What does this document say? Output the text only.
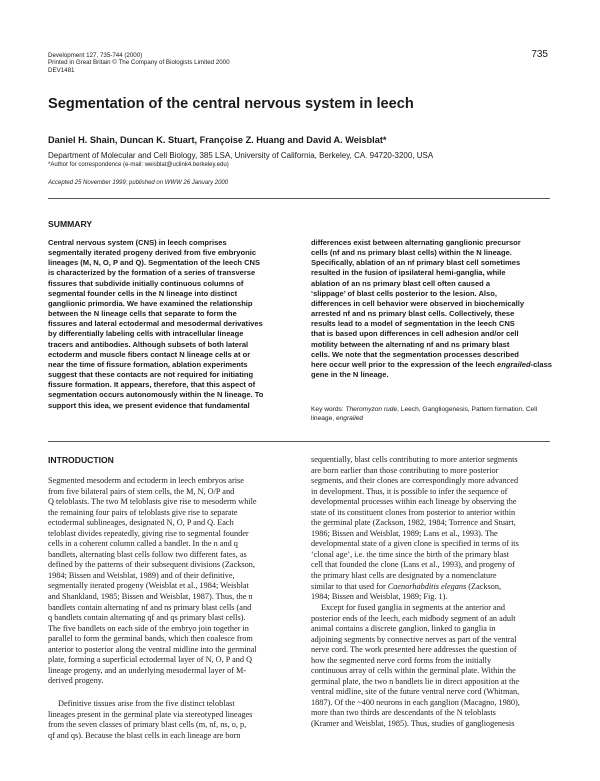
Development 127, 735-744 (2000)
Printed in Great Britain © The Company of Biologists Limited 2000
DEV1481
735
Segmentation of the central nervous system in leech
Daniel H. Shain, Duncan K. Stuart, Françoise Z. Huang and David A. Weisblat*
Department of Molecular and Cell Biology, 385 LSA, University of California, Berkeley, CA. 94720-3200, USA
*Author for correspondence (e-mail: weisblat@uclink4.berkeley.edu)
Accepted 25 November 1999; published on WWW 26 January 2000
SUMMARY

Central nervous system (CNS) in leech comprises
segmentally iterated progeny derived from five embryonic
lineages (M, N, O, P and Q). Segmentation of the leech CNS
is characterized by the formation of a series of transverse
fissures that subdivide initially continuous columns of
segmental founder cells in the N lineage into distinct
ganglionic primordia. We have examined the relationship
between the N lineage cells that separate to form the
fissures and lateral ectodermal and mesodermal derivatives
by differentially labeling cells with intracellular lineage
tracers and antibodies. Although subsets of both lateral
ectoderm and muscle fibers contact N lineage cells at or
near the time of fissure formation, ablation experiments
suggest that these contacts are not required for initiating
fissure formation. It appears, therefore, that this aspect of
segmentation occurs autonomously within the N lineage. To
support this idea, we present evidence that fundamental

differences exist between alternating ganglionic precursor
cells (nf and ns primary blast cells) within the N lineage.
Specifically, ablation of an nf primary blast cell sometimes
resulted in the fusion of ipsilateral hemi-ganglia, while
ablation of an ns primary blast cell often caused a
‘slippage’ of blast cells posterior to the lesion. Also,
differences in cell behavior were observed in biochemically
arrested nf and ns primary blast cells. Collectively, these
results lead to a model of segmentation in the leech CNS
that is based upon differences in cell adhesion and/or cell
motility between the alternating nf and ns primary blast
cells. We note that the segmentation processes described
here occur well prior to the expression of the leech engrailed-class gene in the N lineage.

Key words: Theromyzon rude, Leech, Gangliogenesis, Pattern formation, Cell lineage, engrailed

INTRODUCTION

Segmented mesoderm and ectoderm in leech embryos arise
from five bilateral pairs of stem cells, the M, N, O/P and
Q teloblasts. The two M teloblasts give rise to mesoderm while
the remaining four pairs of teloblasts give rise to separate
ectodermal sublineages, designated N, O, P and Q. Each
teloblast divides repeatedly, giving rise to segmental founder
cells in a coherent column called a bandlet. In the n and q
bandlets, alternating blast cells follow two different fates, as
defined by the patterns of their subsequent divisions (Zackson,
1984; Bissen and Weisblat, 1989) and of their definitive,
segmentally iterated progeny (Weisblat et al., 1984; Weisblat
and Shankland, 1985; Bissen and Weisblat, 1987). Thus, the n
bandlets contain alternating nf and ns primary blast cells (and
q bandlets contain alternating qf and qs primary blast cells).
The five bandlets on each side of the embryo join together in
parallel to form the germinal bands, which then coalesce from
anterior to posterior along the ventral midline into the germinal
plate, forming a superficial ectodermal layer of N, O, P and Q
lineage progeny, and an underlying mesodermal layer of M-
derived progeny.

Definitive tissues arise from the five distinct teloblast
lineages present in the germinal plate via stereotyped lineages
from the seven classes of primary blast cells (m, nf, ns, o, p,
qf and qs). Because the blast cells in each lineage are born

sequentially, blast cells contributing to more anterior segments
are born earlier than those contributing to more posterior
segments, and their clones are correspondingly more advanced
in development. Thus, it is possible to infer the sequence of
developmental processes within each lineage by observing the
state of its constituent clones from posterior to anterior within
the germinal plate (Zackson, 1982, 1984; Torrence and Stuart,
1986; Bissen and Weisblat, 1989; Lans et al., 1993). The
developmental state of a given clone is specified in terms of its
‘clonal age’, i.e. the time since the birth of the primary blast
cell that founded the clone (Lans et al., 1993), and progeny of
the primary blast cells are designated by a nomenclature
similar to that used for Caenorhabditis elegans (Zackson,
1984; Bissen and Weisblat, 1989; Fig. 1).

Except for fused ganglia in segments at the anterior and
posterior ends of the leech, each midbody segment of an adult
animal contains a discrete ganglion, linked to ganglia in
adjoining segments by connective nerves as part of the ventral
nerve cord. The work presented here addresses the question of
how the segmented nerve cord forms from the initially
continuous array of cells within the germinal plate. Within the
germinal plate, the two n bandlets lie in direct apposition at the
ventral midline, site of the future ventral nerve cord (Whitman,
1887). Of the ~400 neurons in each ganglion (Macagno, 1980),
more than two thirds are descendants of the N teloblasts
(Kramer and Weisblat, 1985). Thus, studies of gangliogenesis
